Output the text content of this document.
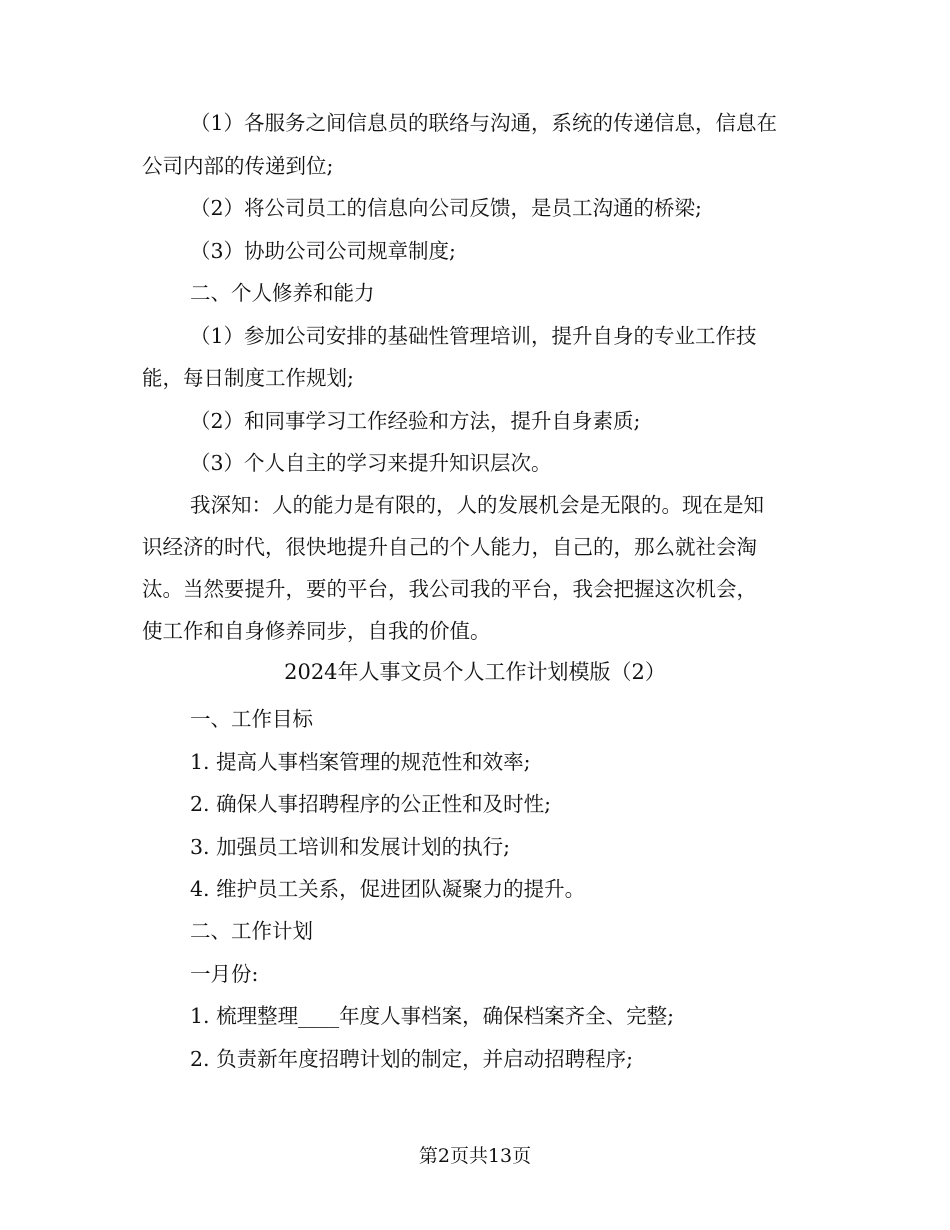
（1）各服务之间信息员的联络与沟通，系统的传递信息，信息在
公司内部的传递到位;
（2）将公司员工的信息向公司反馈，是员工沟通的桥梁;
（3）协助公司公司规章制度;
二、个人修养和能力
（1）参加公司安排的基础性管理培训，提升自身的专业工作技
能，每日制度工作规划;
（2）和同事学习工作经验和方法，提升自身素质;
（3）个人自主的学习来提升知识层次。
我深知：人的能力是有限的，人的发展机会是无限的。现在是知
识经济的时代，很快地提升自己的个人能力，自己的，那么就社会淘
汰。当然要提升，要的平台，我公司我的平台，我会把握这次机会，
使工作和自身修养同步，自我的价值。
2024年人事文员个人工作计划模版（2）
一、工作目标
1. 提高人事档案管理的规范性和效率;
2. 确保人事招聘程序的公正性和及时性;
3. 加强员工培训和发展计划的执行;
4. 维护员工关系，促进团队凝聚力的提升。
二、工作计划
一月份:
1. 梳理整理____年度人事档案，确保档案齐全、完整;
2. 负责新年度招聘计划的制定，并启动招聘程序;
第2页共13页
